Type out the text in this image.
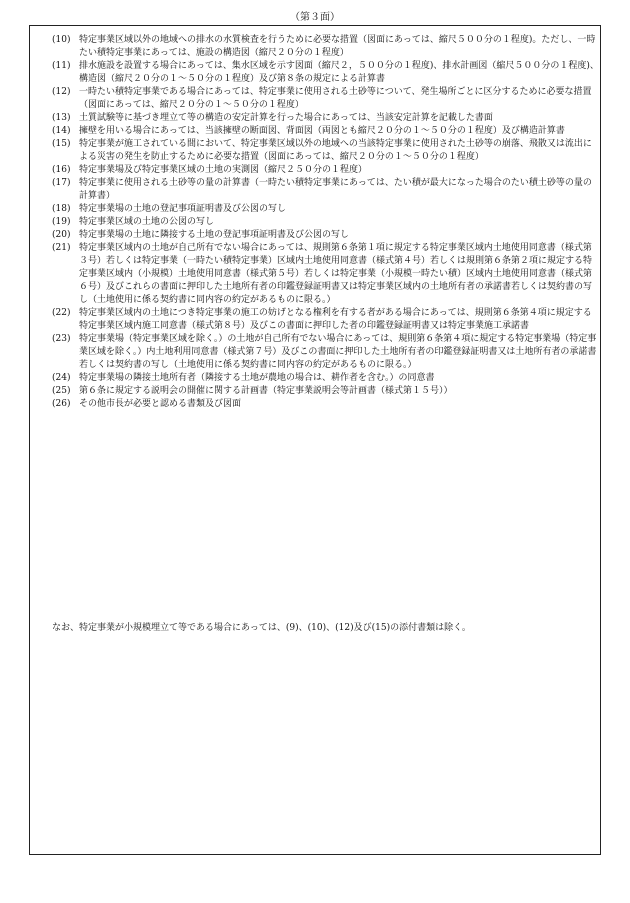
（第３面）
(10) 特定事業区域以外の地域への排水の水質検査を行うために必要な措置（図面にあっては、縮尺５００分の１程度)。ただし、一時たい積特定事業にあっては、施設の構造図（縮尺２０分の１程度）
(11) 排水施設を設置する場合にあっては、集水区域を示す図面（縮尺２，５００分の１程度)、排水計画図（縮尺５００分の１程度)、構造図（縮尺２０分の１～５０分の１程度）及び第８条の規定による計算書
(12) 一時たい積特定事業である場合にあっては、特定事業に使用される土砂等について、発生場所ごとに区分するために必要な措置（図面にあっては、縮尺２０分の１～５０分の１程度）
(13) 土質試験等に基づき埋立て等の構造の安定計算を行った場合にあっては、当該安定計算を記載した書面
(14) 擁壁を用いる場合にあっては、当該擁壁の断面図、背面図（両図とも縮尺２０分の１～５０分の１程度）及び構造計算書
(15) 特定事業が施工されている間において、特定事業区域以外の地域への当該特定事業に使用された土砂等の崩落、飛散又は流出による災害の発生を防止するために必要な措置（図面にあっては、縮尺２０分の１～５０分の１程度）
(16) 特定事業場及び特定事業区域の土地の実測図（縮尺２５０分の１程度）
(17) 特定事業に使用される土砂等の量の計算書（一時たい積特定事業にあっては、たい積が最大になった場合のたい積土砂等の量の計算書）
(18) 特定事業場の土地の登記事項証明書及び公図の写し
(19) 特定事業区域の土地の公図の写し
(20) 特定事業場の土地に隣接する土地の登記事項証明書及び公図の写し
(21) 特定事業区域内の土地が自己所有でない場合にあっては、規則第６条第１項に規定する特定事業区域内土地使用同意書（様式第３号）若しくは特定事業（一時たい積特定事業）区域内土地使用同意書（様式第４号）若しくは規則第６条第２項に規定する特定事業区域内（小規模）土地使用同意書（様式第５号）若しくは特定事業（小規模一時たい積）区域内土地使用同意書（様式第６号）及びこれらの書面に押印した土地所有者の印鑑登録証明書又は特定事業区域内の土地所有者の承諾書若しくは契約書の写し（土地使用に係る契約書に同内容の約定があるものに限る。）
(22) 特定事業区域内の土地につき特定事業の施工の妨げとなる権利を有する者がある場合にあっては、規則第６条第４項に規定する特定事業区域内施工同意書（様式第８号）及びこの書面に押印した者の印鑑登録証明書又は特定事業施工承諾書
(23) 特定事業場（特定事業区域を除く。）の土地が自己所有でない場合にあっては、規則第６条第４項に規定する特定事業場（特定事業区域を除く。）内土地利用同意書（様式第７号）及びこの書面に押印した土地所有者の印鑑登録証明書又は土地所有者の承諾書若しくは契約書の写し（土地使用に係る契約書に同内容の約定があるものに限る。）
(24) 特定事業場の隣接土地所有者（隣接する土地が農地の場合は、耕作者を含む。）の同意書
(25) 第６条に規定する説明会の開催に関する計画書（特定事業説明会等計画書（様式第１５号））
(26) その他市長が必要と認める書類及び図面
なお、特定事業が小規模埋立て等である場合にあっては、(9)、(10)、(12)及び(15)の添付書類は除く。
